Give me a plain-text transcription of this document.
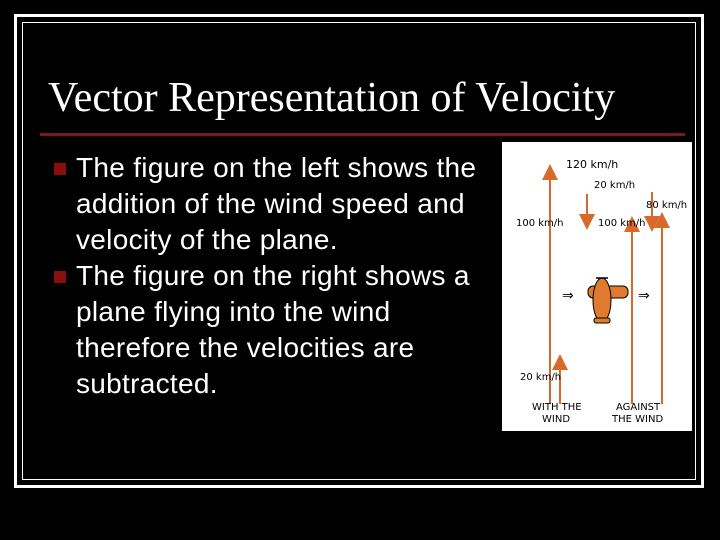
Vector Representation of Velocity
The figure on the left shows the addition of the wind speed and velocity of the plane.
The figure on the right shows a plane flying into the wind therefore the velocities are subtracted.
120 km/h
20 km/h
80 km/h
100 km/h	100 km/h
⇒	⇒
20 km/h
WITH THE
WIND
AGAINST
THE WIND
